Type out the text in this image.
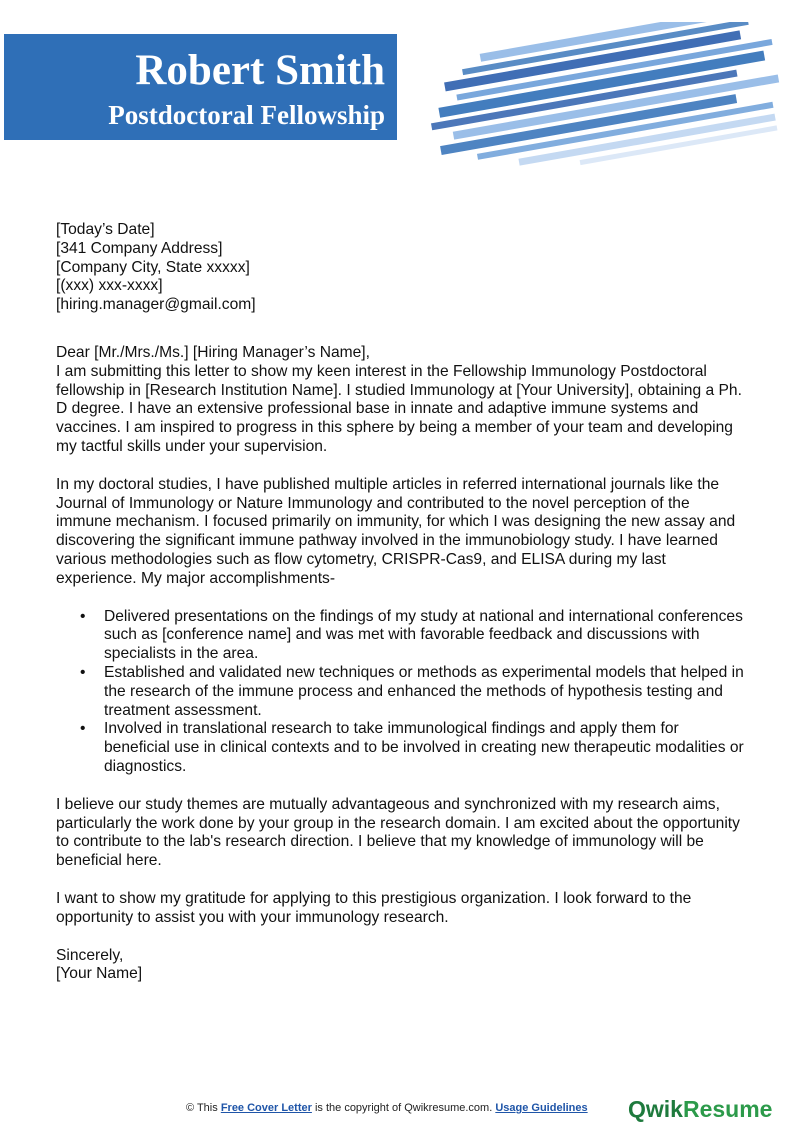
Robert Smith
Postdoctoral Fellowship

[Today’s Date]

[341 Company Address]

[Company City, State xxxxx]

[(xxx) xxx-xxxx]

[hiring.manager@gmail.com]

Dear [Mr./Mrs./Ms.] [Hiring Manager’s Name],

I am submitting this letter to show my keen interest in the Fellowship Immunology Postdoctoral fellowship in [Research Institution Name]. I studied Immunology at [Your University], obtaining a Ph. D degree. I have an extensive professional base in innate and adaptive immune systems and vaccines. I am inspired to progress in this sphere by being a member of your team and developing my tactful skills under your supervision.

In my doctoral studies, I have published multiple articles in referred international journals like the Journal of Immunology or Nature Immunology and contributed to the novel perception of the immune mechanism. I focused primarily on immunity, for which I was designing the new assay and discovering the significant immune pathway involved in the immunobiology study. I have learned various methodologies such as flow cytometry, CRISPR-Cas9, and ELISA during my last experience. My major accomplishments-

• Delivered presentations on the findings of my study at national and international conferences such as [conference name] and was met with favorable feedback and discussions with specialists in the area.
• Established and validated new techniques or methods as experimental models that helped in the research of the immune process and enhanced the methods of hypothesis testing and treatment assessment.
• Involved in translational research to take immunological findings and apply them for beneficial use in clinical contexts and to be involved in creating new therapeutic modalities or diagnostics.

I believe our study themes are mutually advantageous and synchronized with my research aims, particularly the work done by your group in the research domain. I am excited about the opportunity to contribute to the lab's research direction. I believe that my knowledge of immunology will be beneficial here.

I want to show my gratitude for applying to this prestigious organization. I look forward to the opportunity to assist you with your immunology research.

Sincerely,

[Your Name]

© This Free Cover Letter is the copyright of Qwikresume.com. Usage Guidelines QwikResume
